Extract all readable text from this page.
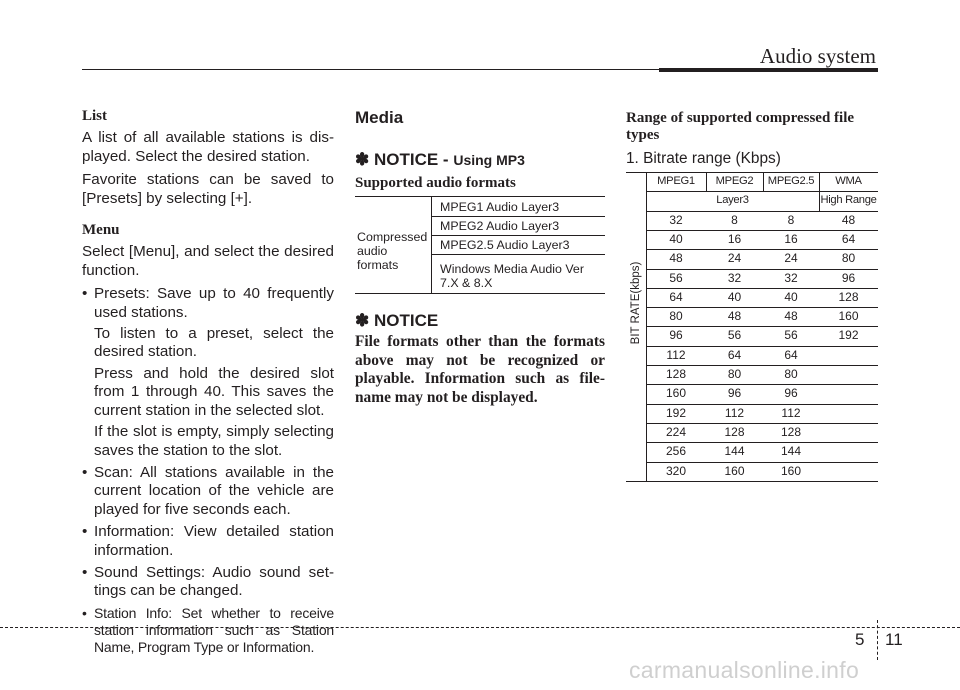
Audio system
List

A list of all available stations is dis-played. Select the desired station.

Favorite stations can be saved to [Presets] by selecting [+].

Menu

Select [Menu], and select the desired function.

• Presets: Save up to 40 frequently used stations.
To listen to a preset, select the desired station.
Press and hold the desired slot from 1 through 40. This saves the current station in the selected slot.
If the slot is empty, simply selecting saves the station to the slot.
• Scan: All stations available in the current location of the vehicle are played for five seconds each.
• Information: View detailed station information.
• Sound Settings: Audio sound set-tings can be changed.
• Station Info: Set whether to receive station information such as Station Name, Program Type or Information.
Media
✽ NOTICE - Using MP3
Supported audio formats
Compressed audio formats
MPEG1 Audio Layer3
MPEG2 Audio Layer3
MPEG2.5 Audio Layer3
Windows Media Audio Ver 7.X & 8.X
✽ NOTICE
File formats other than the formats above may not be recognized or playable. Information such as file-name may not be displayed.
Range of supported compressed file types
1. Bitrate range (Kbps)
BIT RATE(kbps)
MPEG1	MPEG2	MPEG2.5	WMA
Layer3	High Range
32	8	8	48
40	16	16	64
48	24	24	80
56	32	32	96
64	40	40	128
80	48	48	160
96	56	56	192
112	64	64
128	80	80
160	96	96
192	112	112
224	128	128
256	144	144
320	160	160
5 11
carmanualsonline.info
